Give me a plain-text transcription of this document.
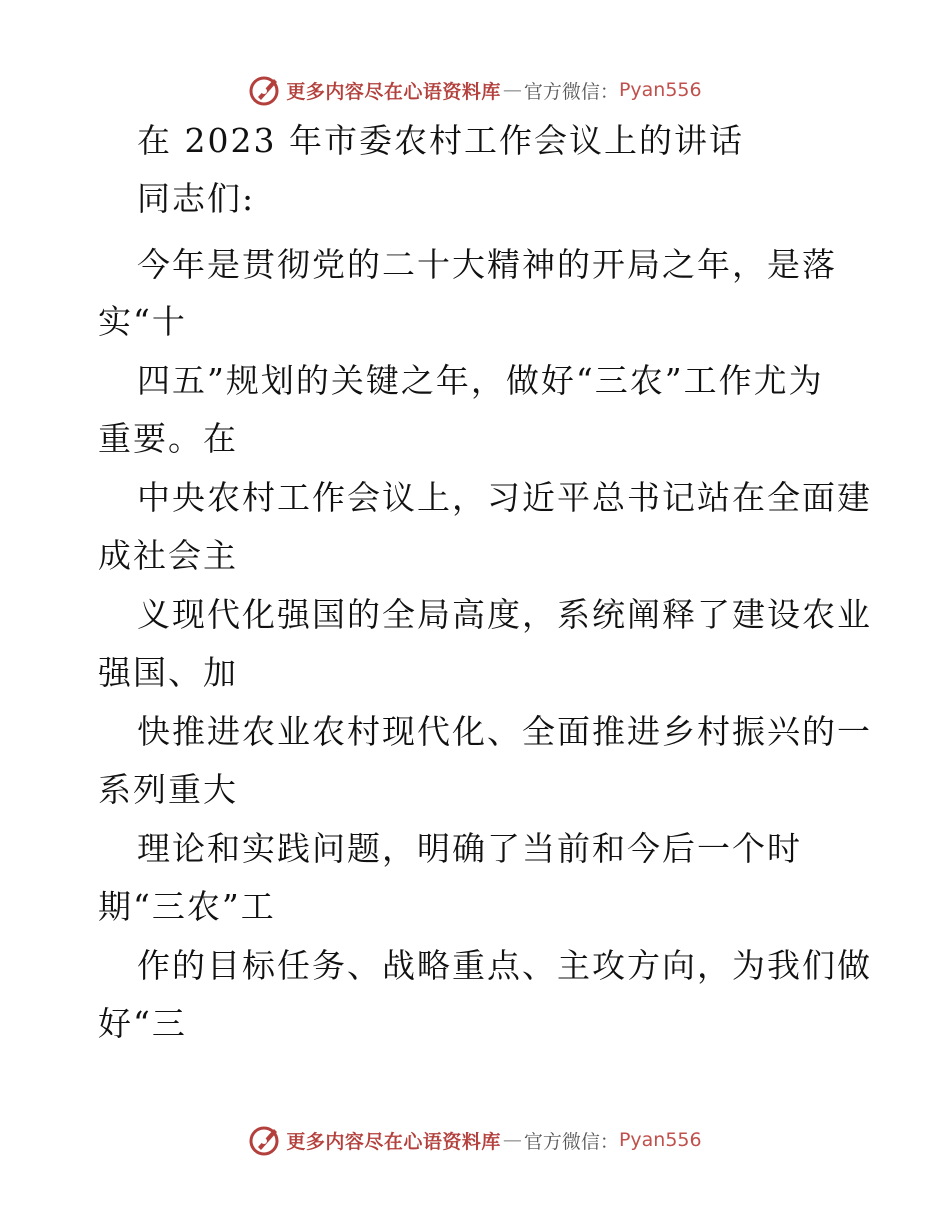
更多内容尽在心语资料库 — 官方微信： Pyan556
在 2023 年市委农村工作会议上的讲话
同志们:
今年是贯彻党的二十大精神的开局之年，是落
实“十
四五”规划的关键之年，做好“三农”工作尤为
重要。在
中央农村工作会议上，习近平总书记站在全面建
成社会主
义现代化强国的全局高度，系统阐释了建设农业
强国、加
快推进农业农村现代化、全面推进乡村振兴的一
系列重大
理论和实践问题，明确了当前和今后一个时
期“三农”工
作的目标任务、战略重点、主攻方向，为我们做
好“三
更多内容尽在心语资料库 — 官方微信： Pyan556
